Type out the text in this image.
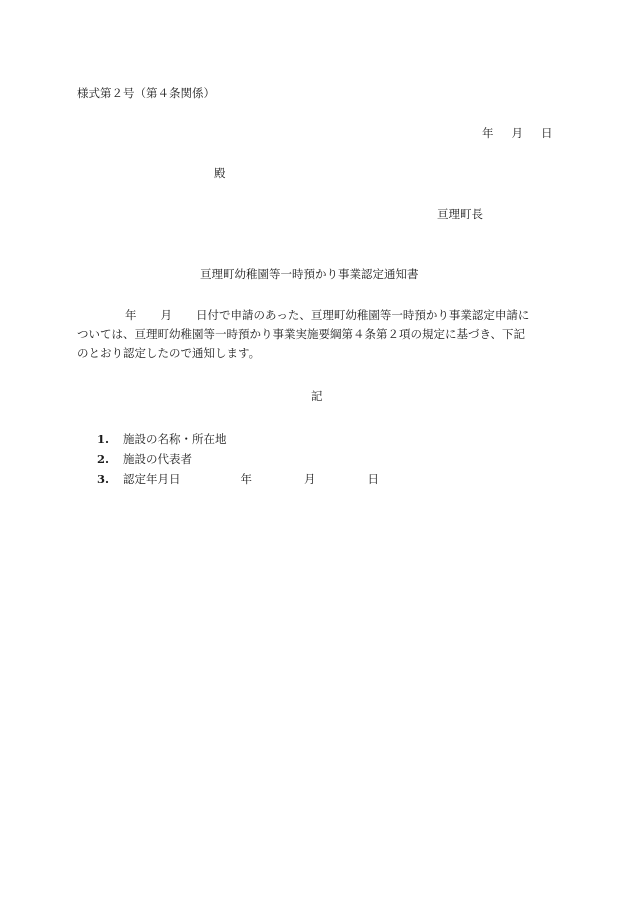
様式第２号（第４条関係）
年 月 日
殿
亘理町長
亘理町幼稚園等一時預かり事業認定通知書
年 月 日付で申請のあった、亘理町幼稚園等一時預かり事業認定申請に
ついては、亘理町幼稚園等一時預かり事業実施要綱第４条第２項の規定に基づき、下記
のとおり認定したので通知します。
記
1. 施設の名称・所在地
2. 施設の代表者
3. 認定年月日	年	月	日
